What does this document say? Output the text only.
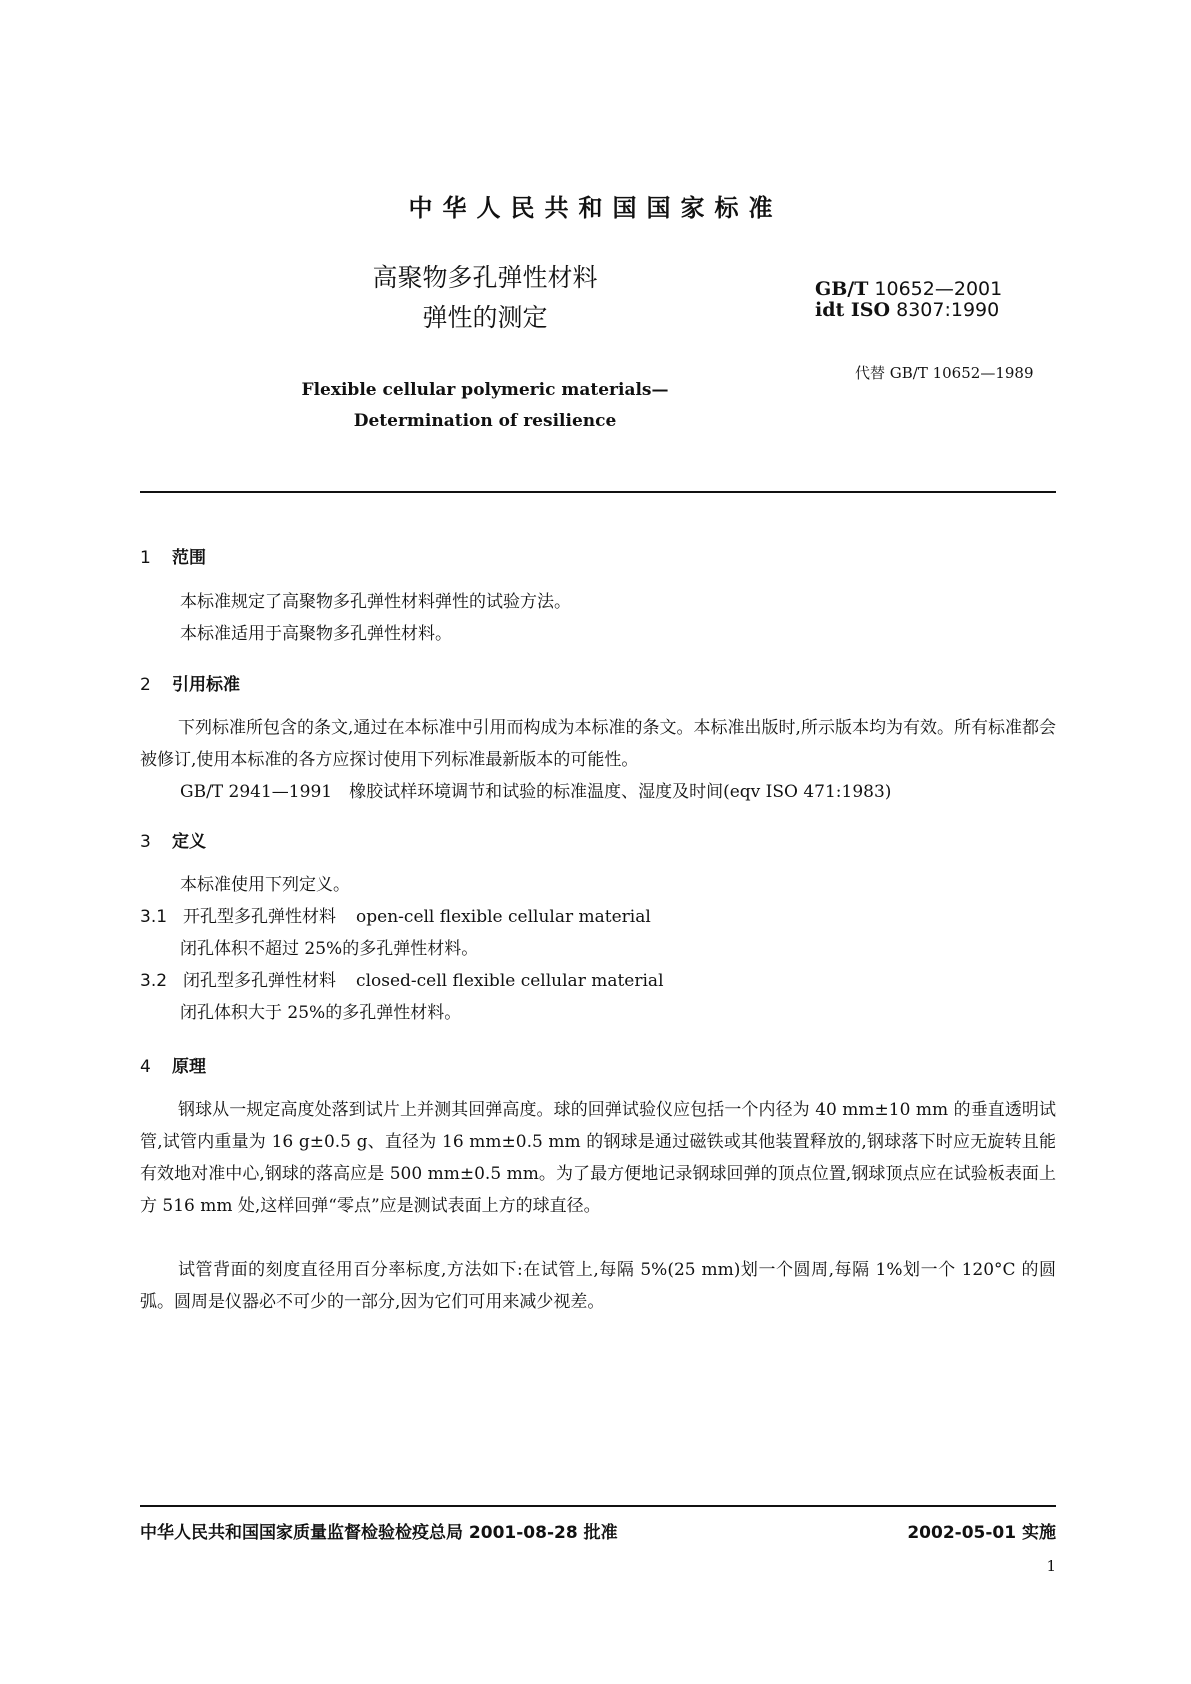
中华人民共和国国家标准
高聚物多孔弹性材料
弹性的测定
GB/T 10652—2001
idt ISO 8307:1990
代替 GB/T 10652—1989
Flexible cellular polymeric materials—
Determination of resilience
1 范围
本标准规定了高聚物多孔弹性材料弹性的试验方法。
本标准适用于高聚物多孔弹性材料。
2 引用标准
下列标准所包含的条文,通过在本标准中引用而构成为本标准的条文。本标准出版时,所示版本均为有效。所有标准都会被修订,使用本标准的各方应探讨使用下列标准最新版本的可能性。
GB/T 2941—1991　橡胶试样环境调节和试验的标准温度、湿度及时间(eqv ISO 471:1983)
3 定义
本标准使用下列定义。
3.1 开孔型多孔弹性材料 open-cell flexible cellular material
闭孔体积不超过 25%的多孔弹性材料。
3.2 闭孔型多孔弹性材料 closed-cell flexible cellular material
闭孔体积大于 25%的多孔弹性材料。
4 原理
钢球从一规定高度处落到试片上并测其回弹高度。球的回弹试验仪应包括一个内径为 40 mm±10 mm 的垂直透明试管,试管内重量为 16 g±0.5 g、直径为 16 mm±0.5 mm 的钢球是通过磁铁或其他装置释放的,钢球落下时应无旋转且能有效地对准中心,钢球的落高应是 500 mm±0.5 mm。为了最方便地记录钢球回弹的顶点位置,钢球顶点应在试验板表面上方 516 mm 处,这样回弹“零点”应是测试表面上方的球直径。
试管背面的刻度直径用百分率标度,方法如下:在试管上,每隔 5%(25 mm)划一个圆周,每隔 1%划一个 120°C 的圆弧。圆周是仪器必不可少的一部分,因为它们可用来减少视差。
中华人民共和国国家质量监督检验检疫总局 2001-08-28 批准	2002-05-01 实施
1
